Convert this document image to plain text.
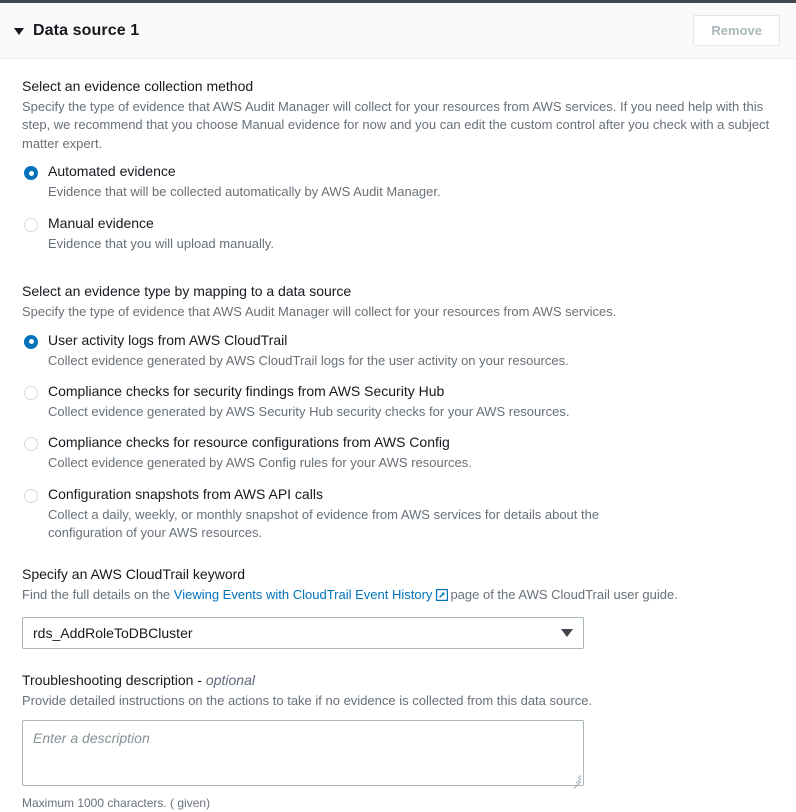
Data source 1	Remove
Select an evidence collection method
Specify the type of evidence that AWS Audit Manager will collect for your resources from AWS services. If you need help with this step, we recommend that you choose Manual evidence for now and you can edit the custom control after you check with a subject matter expert.
Automated evidence
Evidence that will be collected automatically by AWS Audit Manager.
Manual evidence
Evidence that you will upload manually.
Select an evidence type by mapping to a data source
Specify the type of evidence that AWS Audit Manager will collect for your resources from AWS services.
User activity logs from AWS CloudTrail
Collect evidence generated by AWS CloudTrail logs for the user activity on your resources.
Compliance checks for security findings from AWS Security Hub
Collect evidence generated by AWS Security Hub security checks for your AWS resources.
Compliance checks for resource configurations from AWS Config
Collect evidence generated by AWS Config rules for your AWS resources.
Configuration snapshots from AWS API calls
Collect a daily, weekly, or monthly snapshot of evidence from AWS services for details about the configuration of your AWS resources.
Specify an AWS CloudTrail keyword
Find the full details on the Viewing Events with CloudTrail Event History page of the AWS CloudTrail user guide.
rds_AddRoleToDBCluster
Troubleshooting description - optional
Provide detailed instructions on the actions to take if no evidence is collected from this data source.
Enter a description
Maximum 1000 characters. ( given)
